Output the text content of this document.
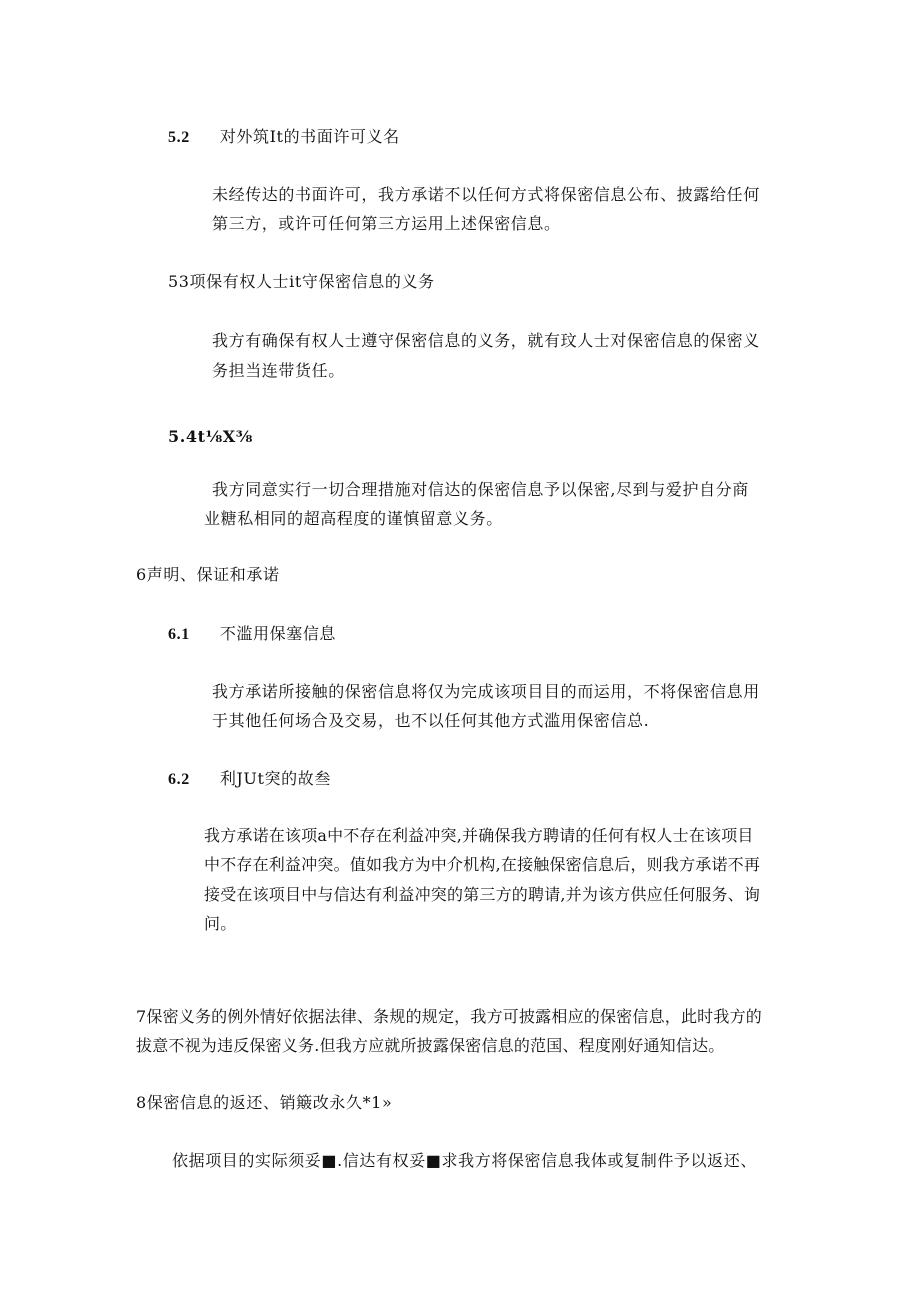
5.2 对外筑It的书面许可义名
未经传达的书面许可，我方承诺不以任何方式将保密信息公布、披露给任何
第三方，或许可任何第三方运用上述保密信息。
53项保有权人士it守保密信息的义务
我方有确保有权人士遵守保密信息的义务，就有玟人士对保密信息的保密义
务担当连带货任。
5.4t⅛X⅜
我方同意实行一切合理措施对信达的保密信息予以保密,尽到与爱护自分商
业糖私相同的超高程度的谨慎留意义务。
6声明、保证和承诺
6.1 不滥用保塞信息
我方承诺所接触的保密信息将仅为完成该项目目的而运用，不将保密信息用
于其他任何场合及交易，也不以任何其他方式滥用保密信总.
6.2 利JUt突的故叁
我方承诺在该项a中不存在利益冲突,并确保我方聘请的任何有权人士在该项目
中不存在利益冲突。值如我方为中介机构,在接触保密信息后，则我方承诺不再
接受在该项目中与信达有利益冲突的第三方的聘请,并为该方供应任何服务、询
问。
7保密义务的例外情好依据法律、条规的规定，我方可披露相应的保密信息，此时我方的
拔意不视为违反保密义务.但我方应就所披露保密信息的范国、程度刚好通知信达。
8保密信息的返还、销簸改永久*1»
依据项目的实际须妥■.信达有权妥■求我方将保密信息我体或复制件予以返还、
